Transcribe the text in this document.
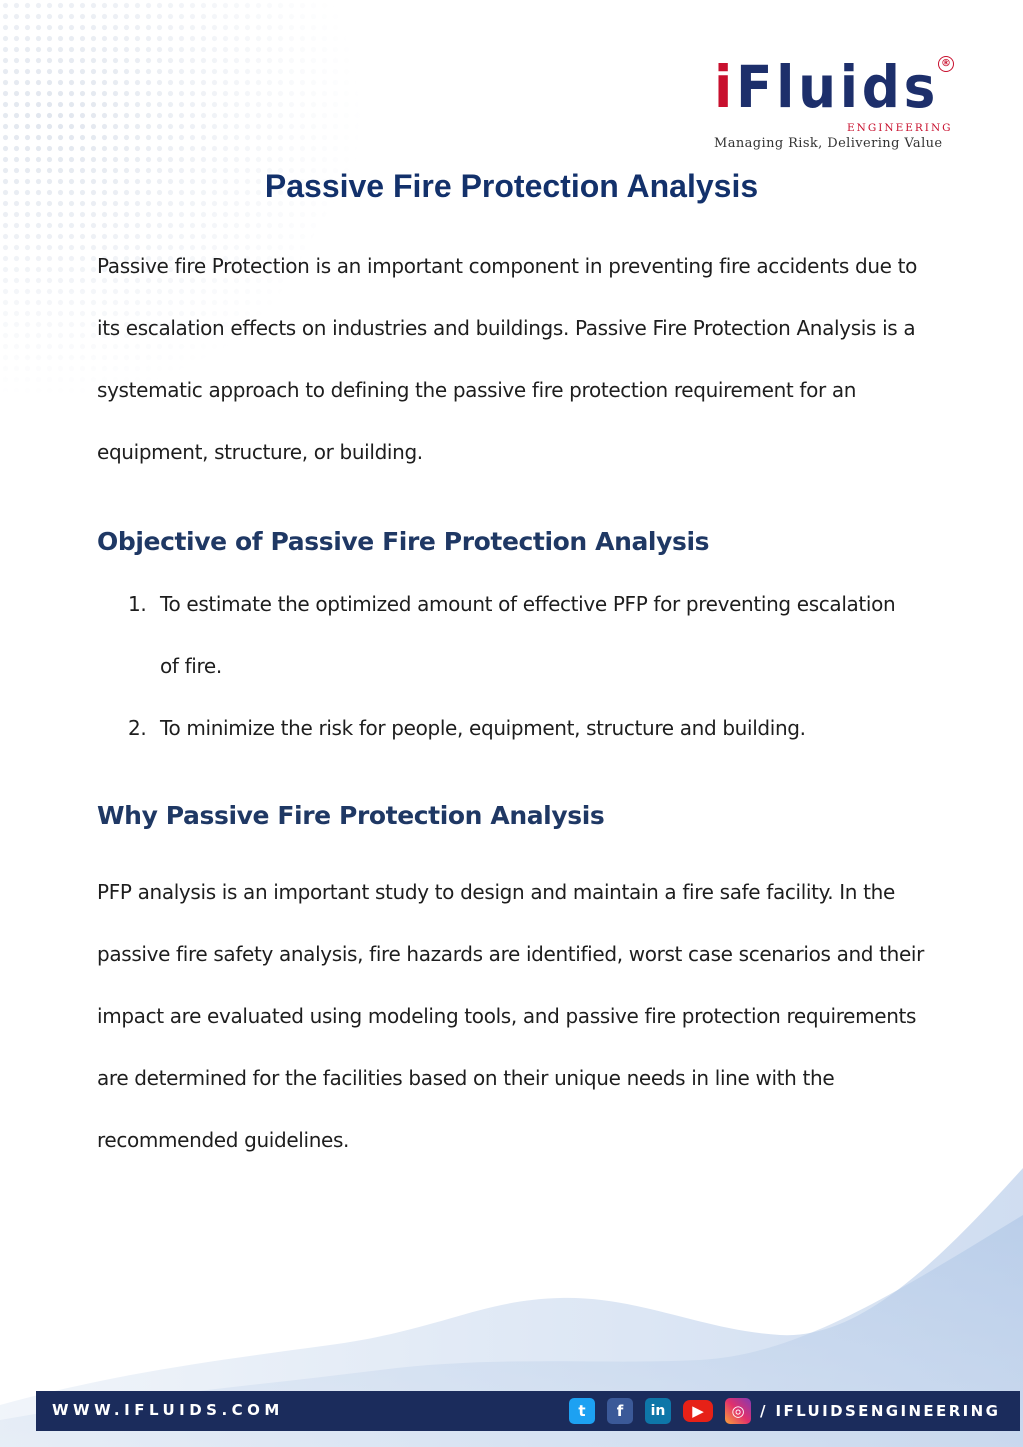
iFluids ®
ENGINEERING
Managing Risk, Delivering Value
Passive Fire Protection Analysis

Passive fire Protection is an important component in preventing fire accidents due to its escalation effects on industries and buildings. Passive Fire Protection Analysis is a systematic approach to defining the passive fire protection requirement for an equipment, structure, or building.

Objective of Passive Fire Protection Analysis
1. To estimate the optimized amount of effective PFP for preventing escalation of fire.
2. To minimize the risk for people, equipment, structure and building.
Why Passive Fire Protection Analysis

PFP analysis is an important study to design and maintain a fire safe facility. In the passive fire safety analysis, fire hazards are identified, worst case scenarios and their impact are evaluated using modeling tools, and passive fire protection requirements are determined for the facilities based on their unique needs in line with the recommended guidelines.

WWW.IFLUIDS.COM	t	f	in	▶	◎	/ IFLUIDSENGINEERING
